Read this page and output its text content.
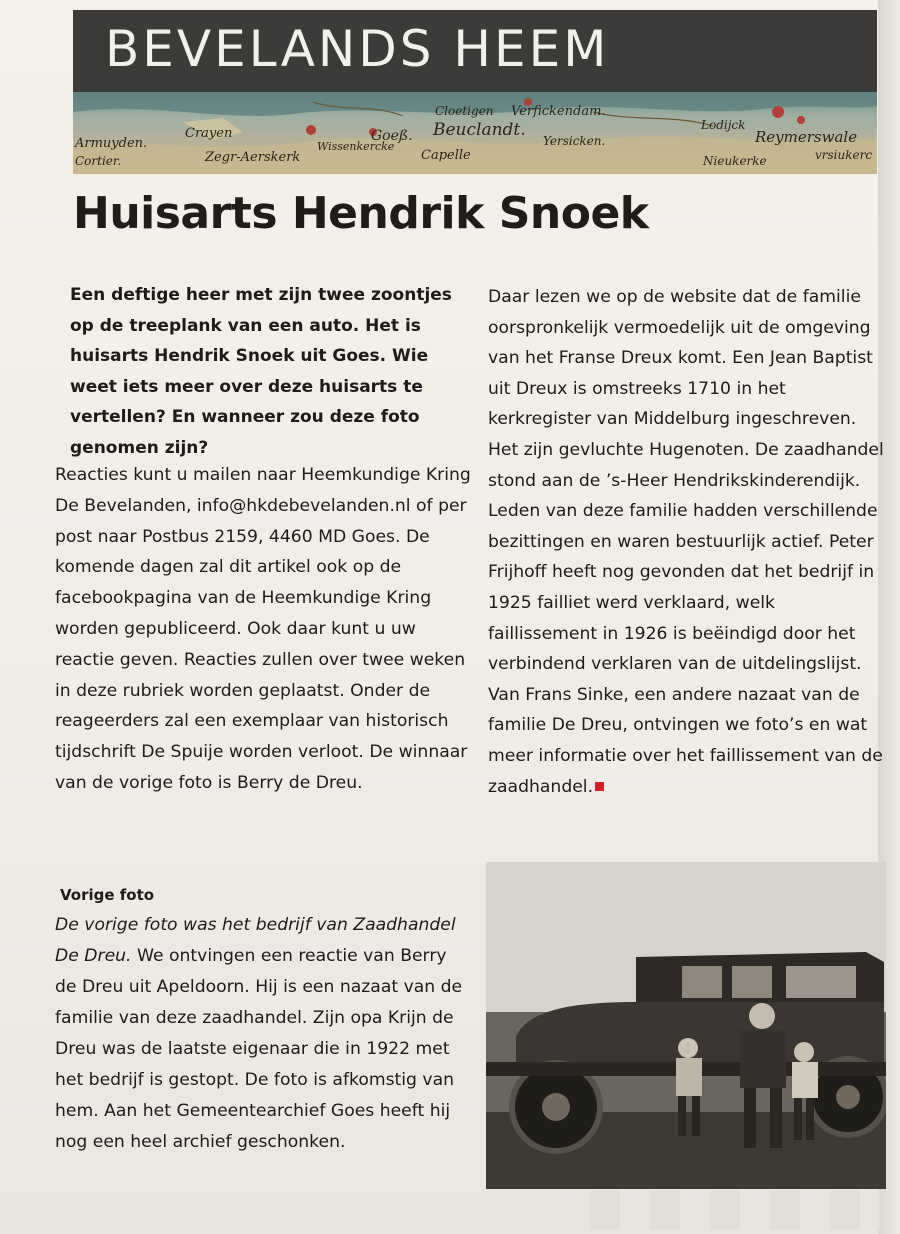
BEVELANDS HEEM
Armuyden.
Cortier.
Crayen
Zegr-Aerskerk
Wissenkercke
Goeß.
Cloetigen
Beuclandt.
Capelle
Verfickendam.
Yersicken.
Lodijck
Reymerswale
Nieukerke	vrsiukerc
Huisarts Hendrik Snoek
Een deftige heer met zijn twee zoontjes op de treeplank van een auto. Het is huisarts Hendrik Snoek uit Goes. Wie weet iets meer over deze huisarts te vertellen? En wanneer zou deze foto genomen zijn?
Reacties kunt u mailen naar Heemkundige Kring De Bevelanden, info@hkdebevelanden.nl of per post naar Postbus 2159, 4460 MD Goes. De komende dagen zal dit artikel ook op de facebookpagina van de Heemkundige Kring worden gepubliceerd. Ook daar kunt u uw reactie geven. Reacties zullen over twee weken in deze rubriek worden geplaatst. Onder de reageerders zal een exemplaar van historisch tijdschrift De Spuije worden verloot. De winnaar van de vorige foto is Berry de Dreu.
Daar lezen we op de website dat de familie oorspronkelijk vermoedelijk uit de omgeving van het Franse Dreux komt. Een Jean Baptist uit Dreux is omstreeks 1710 in het kerkregister van Middelburg ingeschreven. Het zijn gevluchte Hugenoten. De zaadhandel stond aan de ’s-Heer Hendrikskinderendijk. Leden van deze familie hadden verschillende bezittingen en waren bestuurlijk actief. Peter Frijhoff heeft nog gevonden dat het bedrijf in 1925 failliet werd verklaard, welk faillissement in 1926 is beëindigd door het verbindend verklaren van de uitdelingslijst. Van Frans Sinke, een andere nazaat van de familie De Dreu, ontvingen we foto’s en wat meer informatie over het faillissement van de zaadhandel.
Vorige foto
De vorige foto was het bedrijf van Zaadhandel De Dreu. We ontvingen een reactie van Berry de Dreu uit Apeldoorn. Hij is een nazaat van de familie van deze zaadhandel. Zijn opa Krijn de Dreu was de laatste eigenaar die in 1922 met het bedrijf is gestopt. De foto is afkomstig van hem. Aan het Gemeentearchief Goes heeft hij nog een heel archief geschonken.
